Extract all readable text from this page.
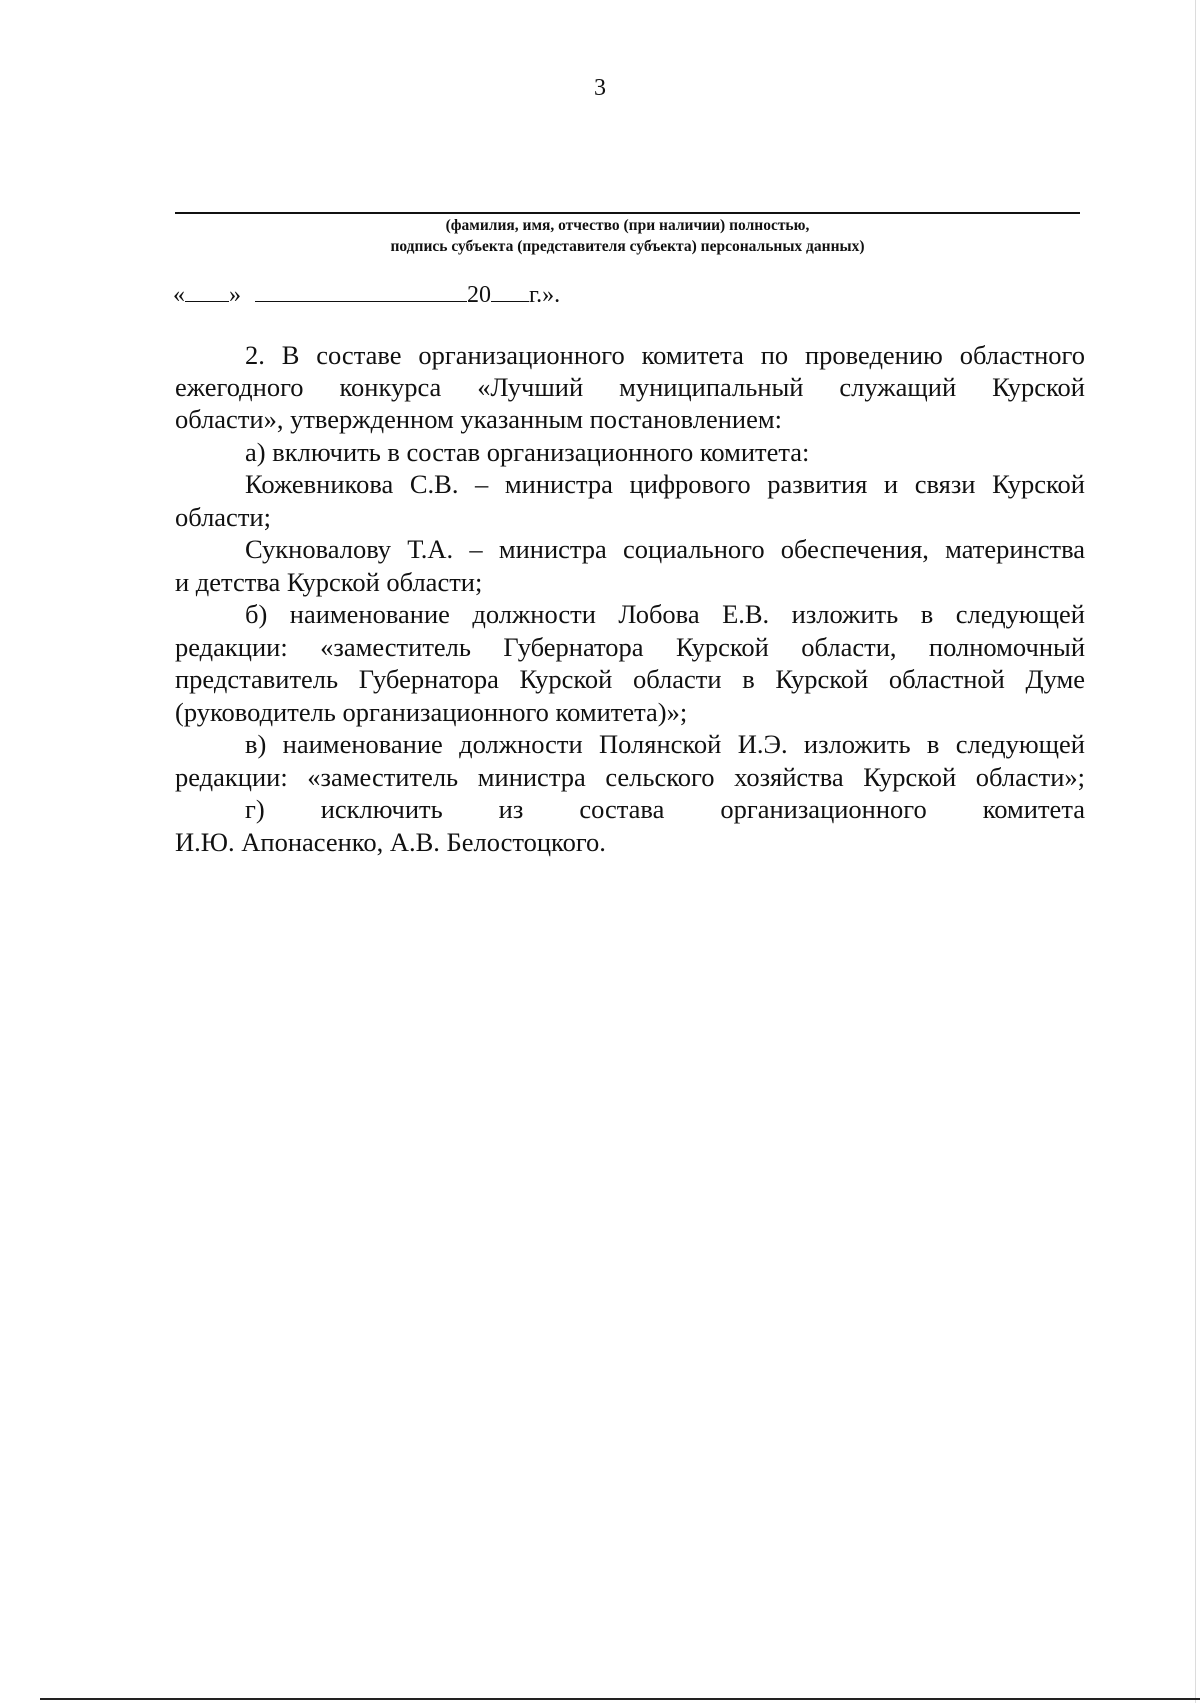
3
(фамилия, имя, отчество (при наличии) полностью,
подпись субъекта (представителя субъекта) персональных данных)
« »	20 г.».
2. В составе организационного комитета по проведению областного
ежегодного конкурса «Лучший муниципальный служащий Курской
области», утвержденном указанным постановлением:
а) включить в состав организационного комитета:
Кожевникова С.В. – министра цифрового развития и связи Курской
области;
Сукновалову Т.А. – министра социального обеспечения, материнства
и детства Курской области;
б) наименование должности Лобова Е.В. изложить в следующей
редакции: «заместитель Губернатора Курской области, полномочный
представитель Губернатора Курской области в Курской областной Думе
(руководитель организационного комитета)»;
в) наименование должности Полянской И.Э. изложить в следующей
редакции: «заместитель министра сельского хозяйства Курской области»;
г) исключить из состава организационного комитета
И.Ю. Апонасенко, А.В. Белостоцкого.
